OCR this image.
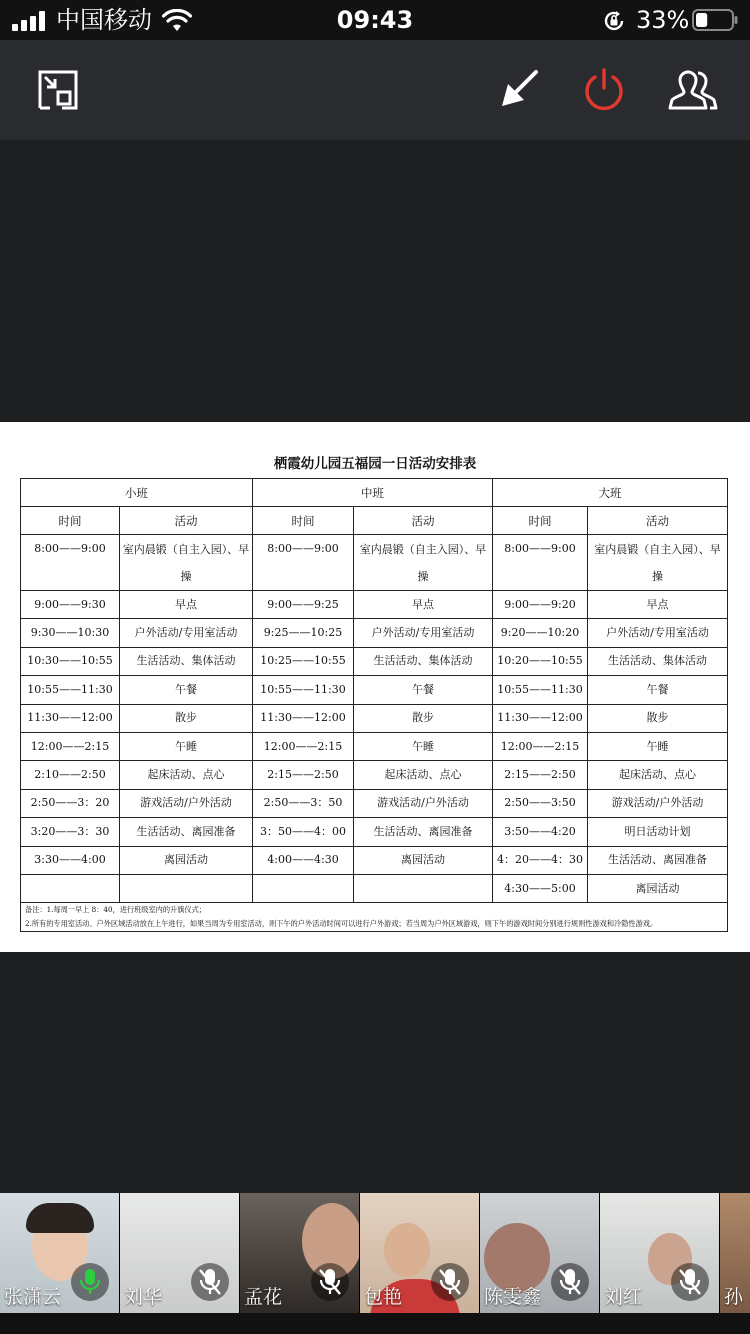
中国移动	09:43	33%
栖霞幼儿园五福园一日活动安排表
小班		中班		大班	
时间	活动	时间	活动	时间	活动
8:00——9:00	室内晨锻（自主入园）、早操	8:00——9:00	室内晨锻（自主入园）、早操	8:00——9:00	室内晨锻（自主入园）、早操
9:00——9:30	早点	9:00——9:25	早点	9:00——9:20	早点
9:30——10:30	户外活动/专用室活动	9:25——10:25	户外活动/专用室活动	9:20——10:20	户外活动/专用室活动
10:30——10:55	生活活动、集体活动	10:25——10:55	生活活动、集体活动	10:20——10:55	生活活动、集体活动
10:55——11:30	午餐	10:55——11:30	午餐	10:55——11:30	午餐
11:30——12:00	散步	11:30——12:00	散步	11:30——12:00	散步
12:00——2:15	午睡	12:00——2:15	午睡	12:00——2:15	午睡
2:10——2:50	起床活动、点心	2:15——2:50	起床活动、点心	2:15——2:50	起床活动、点心
2:50——3：20	游戏活动/户外活动	2:50——3：50	游戏活动/户外活动	2:50——3:50	游戏活动/户外活动
3:20——3：30	生活活动、离园准备	3：50——4：00	生活活动、离园准备	3:50——4:20	明日活动计划
3:30——4:00	离园活动	4:00——4:30	离园活动	4：20——4：30	生活活动、离园准备
				4:30——5:00	离园活动

备注：1.每周一早上 8：40，进行班级室内的升旗仪式；
2.所有的专用室活动、户外区域活动放在上午进行，如果当周为专用室活动，则下午的户外活动时间可以进行户外游戏；若当周为户外区域游戏，则下午的游戏时间分别进行规则性游戏和冷隐性游戏。					
张潇云	刘华	孟花	包艳	陈雯鑫	刘红	孙
